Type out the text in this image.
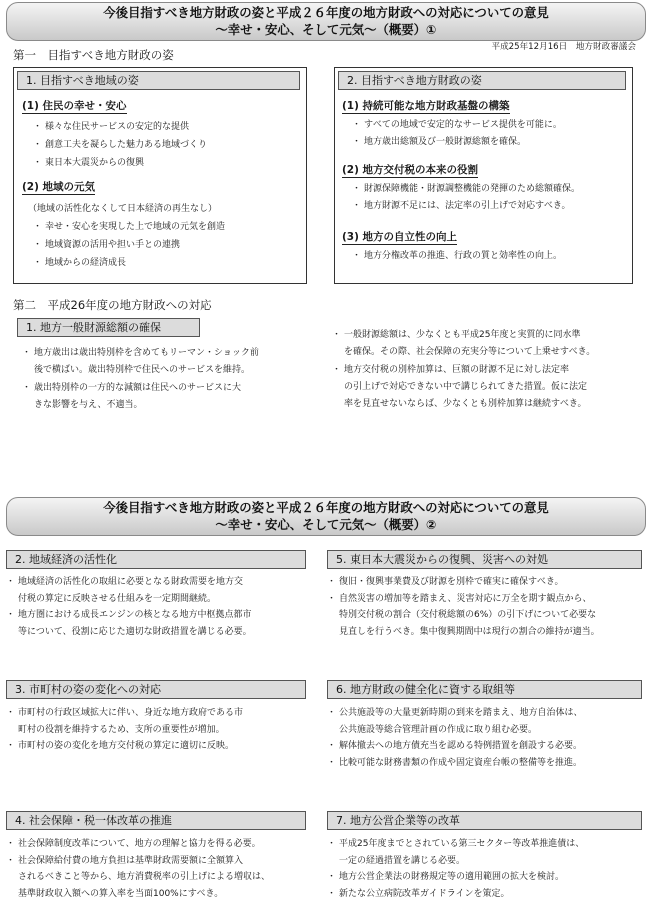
今後目指すべき地方財政の姿と平成２６年度の地方財政への対応についての意見
～幸せ・安心、そして元気～（概要）①
第一　目指すべき地方財政の姿
平成25年12月16日　地方財政審議会
1. 目指すべき地域の姿
(1) 住民の幸せ・安心
・ 様々な住民サービスの安定的な提供
・ 創意工夫を凝らした魅力ある地域づくり
・ 東日本大震災からの復興
(2) 地域の元気
（地域の活性化なくして日本経済の再生なし）
・ 幸せ・安心を実現した上で地域の元気を創造
・ 地域資源の活用や担い手との連携
・ 地域からの経済成長
2. 目指すべき地方財政の姿
(1) 持続可能な地方財政基盤の構築
・ すべての地域で安定的なサービス提供を可能に。
・ 地方歳出総額及び一般財源総額を確保。
(2) 地方交付税の本来の役割
・ 財源保障機能・財源調整機能の発揮のため総額確保。
・ 地方財源不足には、法定率の引上げで対応すべき。
(3) 地方の自立性の向上
・ 地方分権改革の推進、行政の質と効率性の向上。
第二　平成26年度の地方財政への対応
1. 地方一般財源総額の確保
・ 地方歳出は歳出特別枠を含めてもリーマン・ショック前
後で横ばい。歳出特別枠で住民へのサービスを維持。
・ 歳出特別枠の一方的な減額は住民へのサービスに大
きな影響を与え、不適当。
・ 一般財源総額は、少なくとも平成25年度と実質的に同水準
を確保。その際、社会保障の充実分等について上乗せすべき。
・ 地方交付税の別枠加算は、巨額の財源不足に対し法定率
の引上げで対応できない中で講じられてきた措置。仮に法定
率を見直せないならば、少なくとも別枠加算は継続すべき。
今後目指すべき地方財政の姿と平成２６年度の地方財政への対応についての意見
～幸せ・安心、そして元気～（概要）②
2. 地域経済の活性化
・ 地域経済の活性化の取組に必要となる財政需要を地方交
付税の算定に反映させる仕組みを一定期間継続。
・ 地方圏における成長エンジンの核となる地方中枢拠点都市
等について、役割に応じた適切な財政措置を講じる必要。
5. 東日本大震災からの復興、災害への対処
・ 復旧・復興事業費及び財源を別枠で確実に確保すべき。
・ 自然災害の増加等を踏まえ、災害対応に万全を期す観点から、
特別交付税の割合（交付税総額の6%）の引下げについて必要な
見直しを行うべき。集中復興期間中は現行の割合の維持が適当。
3. 市町村の姿の変化への対応
・ 市町村の行政区域拡大に伴い、身近な地方政府である市
町村の役割を維持するため、支所の重要性が増加。
・ 市町村の姿の変化を地方交付税の算定に適切に反映。
6. 地方財政の健全化に資する取組等
・ 公共施設等の大量更新時期の到来を踏まえ、地方自治体は、
公共施設等総合管理計画の作成に取り組む必要。
・ 解体撤去への地方債充当を認める特例措置を創設する必要。
・ 比較可能な財務書類の作成や固定資産台帳の整備等を推進。
4. 社会保障・税一体改革の推進
・ 社会保障制度改革について、地方の理解と協力を得る必要。
・ 社会保障給付費の地方負担は基準財政需要額に全額算入
されるべきこと等から、地方消費税率の引上げによる増収は、
基準財政収入額への算入率を当面100%にすべき。
7. 地方公営企業等の改革
・ 平成25年度までとされている第三セクター等改革推進債は、
一定の経過措置を講じる必要。
・ 地方公営企業法の財務規定等の適用範囲の拡大を検討。
・ 新たな公立病院改革ガイドラインを策定。
